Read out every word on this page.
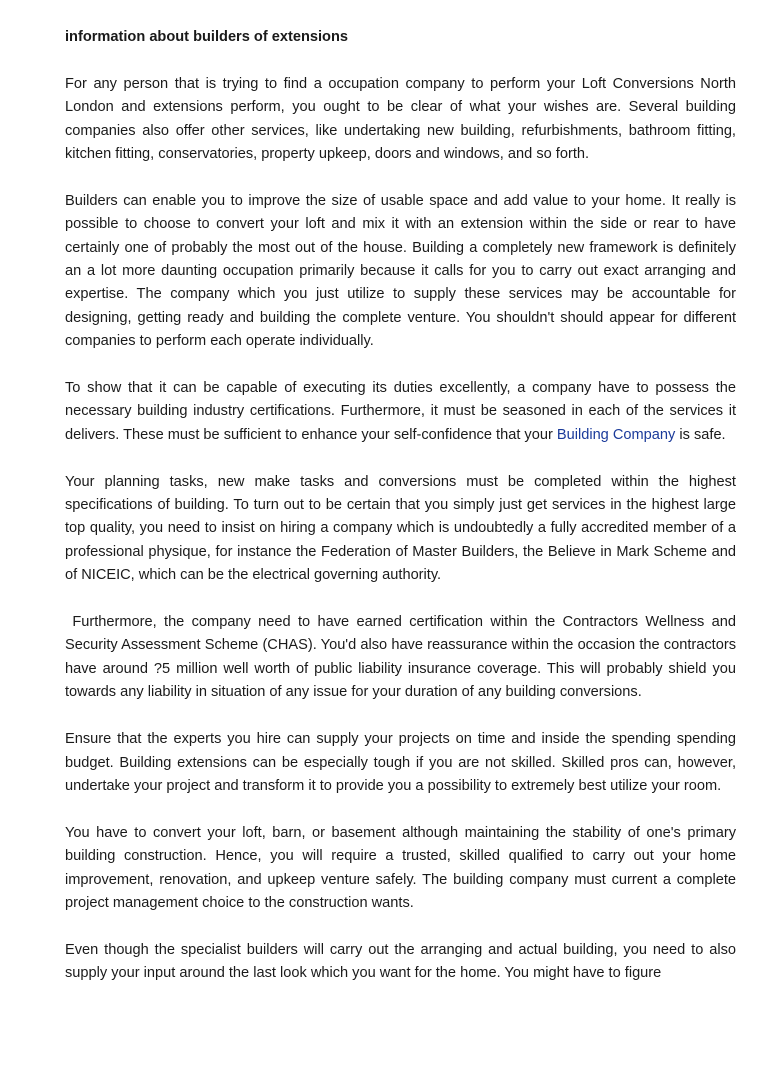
information about builders of extensions

For any person that is trying to find a occupation company to perform your Loft Conversions North London and extensions perform, you ought to be clear of what your wishes are. Several building companies also offer other services, like undertaking new building, refurbishments, bathroom fitting, kitchen fitting, conservatories, property upkeep, doors and windows, and so forth.

Builders can enable you to improve the size of usable space and add value to your home. It really is possible to choose to convert your loft and mix it with an extension within the side or rear to have certainly one of probably the most out of the house. Building a completely new framework is definitely an a lot more daunting occupation primarily because it calls for you to carry out exact arranging and expertise. The company which you just utilize to supply these services may be accountable for designing, getting ready and building the complete venture. You shouldn't should appear for different companies to perform each operate individually.

To show that it can be capable of executing its duties excellently, a company have to possess the necessary building industry certifications. Furthermore, it must be seasoned in each of the services it delivers. These must be sufficient to enhance your self-confidence that your Building Company is safe.

Your planning tasks, new make tasks and conversions must be completed within the highest specifications of building. To turn out to be certain that you simply just get services in the highest large top quality, you need to insist on hiring a company which is undoubtedly a fully accredited member of a professional physique, for instance the Federation of Master Builders, the Believe in Mark Scheme and of NICEIC, which can be the electrical governing authority.

Furthermore, the company need to have earned certification within the Contractors Wellness and Security Assessment Scheme (CHAS). You'd also have reassurance within the occasion the contractors have around ?5 million well worth of public liability insurance coverage. This will probably shield you towards any liability in situation of any issue for your duration of any building conversions.

Ensure that the experts you hire can supply your projects on time and inside the spending spending budget. Building extensions can be especially tough if you are not skilled. Skilled pros can, however, undertake your project and transform it to provide you a possibility to extremely best utilize your room.

You have to convert your loft, barn, or basement although maintaining the stability of one's primary building construction. Hence, you will require a trusted, skilled qualified to carry out your home improvement, renovation, and upkeep venture safely. The building company must current a complete project management choice to the construction wants.

Even though the specialist builders will carry out the arranging and actual building, you need to also supply your input around the last look which you want for the home. You might have to figure
